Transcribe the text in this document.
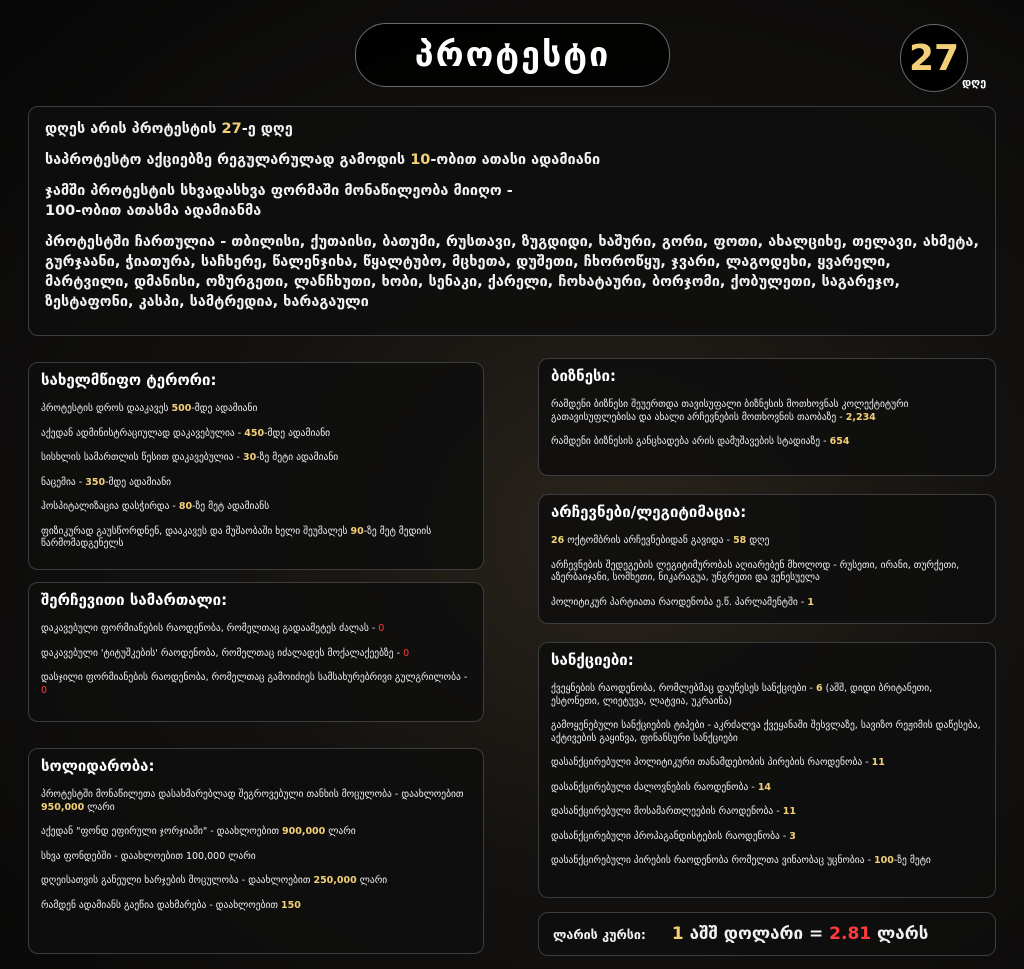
პროტესტი	27
დღე

დღეს არის პროტესტის 27-ე დღე

საპროტესტო აქციებზე რეგულარულად გამოდის 10-ობით ათასი ადამიანი

ჯამში პროტესტის სხვადასხვა ფორმაში მონაწილეობა მიიღო -
100-ობით ათასმა ადამიანმა

პროტესტში ჩართულია - თბილისი, ქუთაისი, ბათუმი, რუსთავი, ზუგდიდი, ხაშური, გორი, ფოთი, ახალციხე, თელავი, ახმეტა, გურჯაანი, ჭიათურა, საჩხერე, წალენჯიხა, წყალტუბო, მცხეთა, დუშეთი, ჩხოროწყუ, ჯვარი, ლაგოდეხი, ყვარელი, მარტვილი, დმანისი, ოზურგეთი, ლანჩხუთი, ხობი, სენაკი, ქარელი, ჩოხატაური, ბორჯომი, ქობულეთი, საგარეჯო, ზესტაფონი, კასპი, სამტრედია, ხარაგაული

სახელმწიფო ტერორი:
პროტესტის დროს დააკავეს 500-მდე ადამიანი
აქედან ადმინისტრაციულად დაკავებულია - 450-მდე ადამიანი
სისხლის სამართლის წესით დაკავებულია - 30-ზე მეტი ადამიანი
ნაცემია - 350-მდე ადამიანი
ჰოსპიტალიზაცია დასჭირდა - 80-ზე მეტ ადამიანს
ფიზიკურად გაუსწორდნენ, დააკავეს და მუშაობაში ხელი შეუშალეს 90-ზე მეტ მედიის წარმომადგენელს
შერჩევითი სამართალი:
დაკავებული ფორმიანების რაოდენობა, რომელთაც გადაამეტეს ძალას - 0
დაკავებული 'ტიტუშკების' რაოდენობა, რომელთაც იძალადეს მოქალაქეებზე - 0
დასჯილი ფორმიანების რაოდენობა, რომელთაც გამოიძიეს სამსახურებრივი გულგრილობა - 0
სოლიდარობა:
პროტესტში მონაწილეთა დასახმარებლად შეგროვებული თანხის მოცულობა - დაახლოებით 950,000 ლარი
აქედან "ფონდ ეფირული ჯორჯიაში" - დაახლოებით 900,000 ლარი
სხვა ფონდებში - დაახლოებით 100,000 ლარი
დღეისათვის განეული ხარჯების მოცულობა - დაახლოებით 250,000 ლარი
რამდენ ადამიანს გაეწია დახმარება - დაახლოებით 150
ბიზნესი:
რამდენი ბიზნესი შეუერთდა თავისუფალი ბიზნესის მოთხოვნას კოლექტიტური გათავისუფლებისა და ახალი არჩევნების მოთხოვნის თაობაზე - 2,234
რამდენი ბიზნესის განცხადება არის დამუშავების სტადიაზე - 654
არჩევნები/ლეგიტიმაცია:
26 ოქტომბრის არჩევნებიდან გავიდა - 58 დღე
არჩევნების შედეგების ლეგიტიმურობას აღიარებენ მხოლოდ - რუსეთი, ირანი, თურქეთი, აზერბაიჯანი, სომხეთი, ნიკარაგუა, უნგრეთი და ვენესუელა
პოლიტიკურ პარტიათა რაოდენობა ე.წ. პარლამენტში - 1
სანქციები:
ქვეყნების რაოდენობა, რომლებმაც დაუწესეს სანქციები - 6 (აშშ, დიდი ბრიტანეთი, ესტონეთი, ლიეტუვა, ლატვია, უკრაინა)
გამოყენებული სანქციების ტიპები - აკრძალვა ქვეყანაში შესვლაზე, სავიზო რეჟიმის დაწესება, აქტივების გაყინვა, ფინანსური სანქციები
დასანქცირებული პოლიტიკური თანამდებობის პირების რაოდენობა - 11
დასანქცირებული ძალოვნების რაოდენობა - 14
დასანქცირებული მოსამართლეების რაოდენობა - 11
დასანქცირებული პროპაგანდისტების რაოდენობა - 3
დასანქცირებული პირების რაოდენობა რომელთა ვინაობაც უცნობია - 100-ზე მეტი
ლარის კურსი: 1 აშშ დოლარი = 2.81 ლარს
